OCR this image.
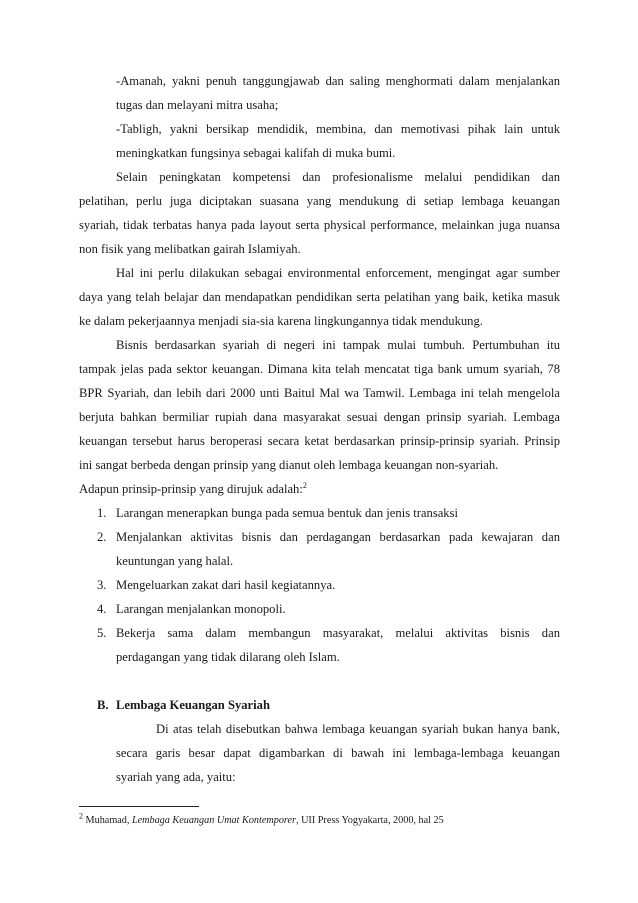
-Amanah, yakni penuh tanggungjawab dan saling menghormati dalam menjalankan
tugas dan melayani mitra usaha;
-Tabligh, yakni bersikap mendidik, membina, dan memotivasi pihak lain untuk
meningkatkan fungsinya sebagai kalifah di muka bumi.
Selain peningkatan kompetensi dan profesionalisme melalui pendidikan dan
pelatihan, perlu juga diciptakan suasana yang mendukung di setiap lembaga keuangan
syariah, tidak terbatas hanya pada layout serta physical performance, melainkan juga nuansa
non fisik yang melibatkan gairah Islamiyah.
Hal ini perlu dilakukan sebagai environmental enforcement, mengingat agar sumber
daya yang telah belajar dan mendapatkan pendidikan serta pelatihan yang baik, ketika masuk
ke dalam pekerjaannya menjadi sia-sia karena lingkungannya tidak mendukung.
Bisnis berdasarkan syariah di negeri ini tampak mulai tumbuh. Pertumbuhan itu
tampak jelas pada sektor keuangan. Dimana kita telah mencatat tiga bank umum syariah, 78
BPR Syariah, dan lebih dari 2000 unti Baitul Mal wa Tamwil. Lembaga ini telah mengelola
berjuta bahkan bermiliar rupiah dana masyarakat sesuai dengan prinsip syariah. Lembaga
keuangan tersebut harus beroperasi secara ketat berdasarkan prinsip-prinsip syariah. Prinsip
ini sangat berbeda dengan prinsip yang dianut oleh lembaga keuangan non-syariah.
Adapun prinsip-prinsip yang dirujuk adalah:$^2$
1. Larangan menerapkan bunga pada semua bentuk dan jenis transaksi
2. Menjalankan aktivitas bisnis dan perdagangan berdasarkan pada kewajaran dan
keuntungan yang halal.
3. Mengeluarkan zakat dari hasil kegiatannya.
4. Larangan menjalankan monopoli.
5. Bekerja sama dalam membangun masyarakat, melalui aktivitas bisnis dan
perdagangan yang tidak dilarang oleh Islam.
B. Lembaga Keuangan Syariah
Di atas telah disebutkan bahwa lembaga keuangan syariah bukan hanya bank,
secara garis besar dapat digambarkan di bawah ini lembaga-lembaga keuangan
syariah yang ada, yaitu:
$^2$ Muhamad, Lembaga Keuangan Umat Kontemporer, UII Press Yogyakarta, 2000, hal 25
